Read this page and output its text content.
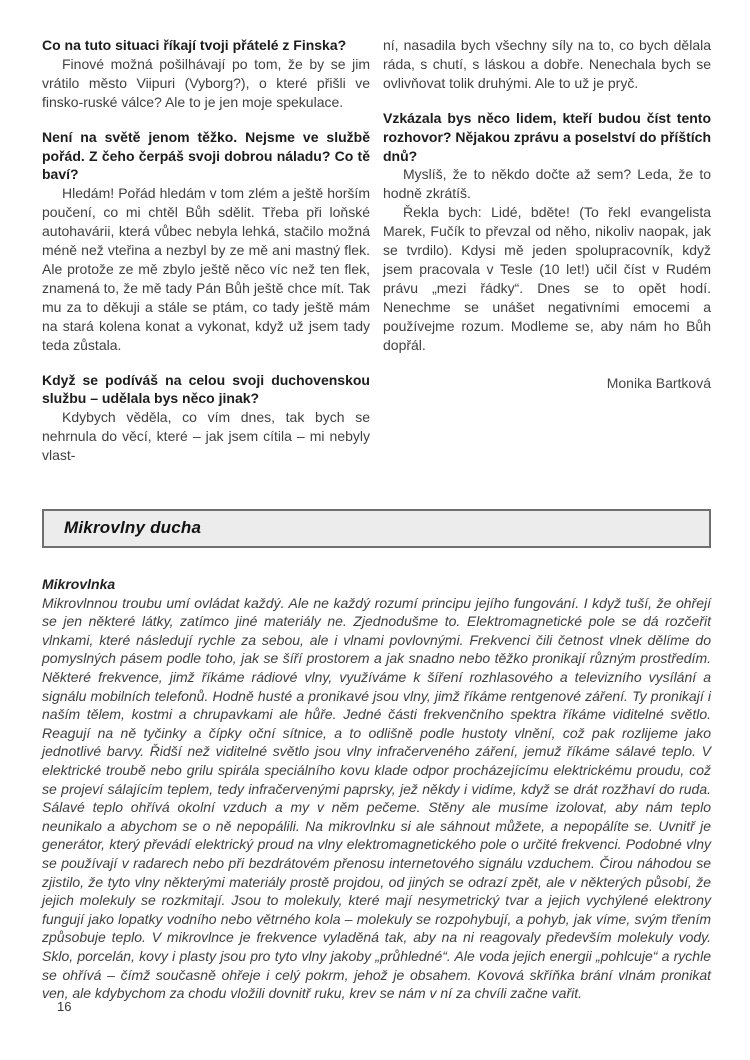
Co na tuto situaci říkají tvoji přátelé z Finska?

Finové možná pošilhávají po tom, že by se jim vrátilo město Viipuri (Vyborg?), o které přišli ve finsko-ruské válce? Ale to je jen moje spekulace.

Není na světě jenom těžko. Nejsme ve službě pořád. Z čeho čerpáš svoji dobrou náladu? Co tě baví?

Hledám! Pořád hledám v tom zlém a ještě horším poučení, co mi chtěl Bůh sdělit. Třeba při loňské autohavárii, která vůbec nebyla lehká, stačilo možná méně než vteřina a nezbyl by ze mě ani mastný flek. Ale protože ze mě zbylo ještě něco víc než ten flek, znamená to, že mě tady Pán Bůh ještě chce mít. Tak mu za to děkuji a stále se ptám, co tady ještě mám na stará kolena konat a vykonat, když už jsem tady teda zůstala.

Když se podíváš na celou svoji duchovenskou službu – udělala bys něco jinak?

Kdybych věděla, co vím dnes, tak bych se nehrnula do věcí, které – jak jsem cítila – mi nebyly vlast-

ní, nasadila bych všechny síly na to, co bych dělala ráda, s chutí, s láskou a dobře. Nenechala bych se ovlivňovat tolik druhými. Ale to už je pryč.

Vzkázala bys něco lidem, kteří budou číst tento rozhovor? Nějakou zprávu a poselství do příštích dnů?

Myslíš, že to někdo dočte až sem? Leda, že to hodně zkrátíš.

Řekla bych: Lidé, bděte! (To řekl evangelista Marek, Fučík to převzal od něho, nikoliv naopak, jak se tvrdilo). Kdysi mě jeden spolupracovník, když jsem pracovala v Tesle (10 let!) učil číst v Rudém právu „mezi řádky“. Dnes se to opět hodí. Nenechme se unášet negativními emocemi a používejme rozum. Modleme se, aby nám ho Bůh dopřál.

Monika Bartková

Mikrovlny ducha

Mikrovlnka

Mikrovlnnou troubu umí ovládat každý. Ale ne každý rozumí principu jejího fungování. I když tuší, že ohřejí se jen některé látky, zatímco jiné materiály ne. Zjednodušme to. Elektromagnetické pole se dá rozčeřit vlnkami, které následují rychle za sebou, ale i vlnami povlovnými. Frekvenci čili četnost vlnek dělíme do pomyslných pásem podle toho, jak se šíří prostorem a jak snadno nebo těžko pronikají různým prostředím. Některé frekvence, jimž říkáme rádiové vlny, využíváme k šíření rozhlasového a televizního vysílání a signálu mobilních telefonů. Hodně husté a pronikavé jsou vlny, jimž říkáme rentgenové záření. Ty pronikají i naším tělem, kostmi a chrupavkami ale hůře. Jedné části frekvenčního spektra říkáme viditelné světlo. Reagují na ně tyčinky a čípky oční sítnice, a to odlišně podle hustoty vlnění, což pak rozlijeme jako jednotlivé barvy. Řidší než viditelné světlo jsou vlny infračerveného záření, jemuž říkáme sálavé teplo. V elektrické troubě nebo grilu spirála speciálního kovu klade odpor procházejícímu elektrickému proudu, což se projeví sálajícím teplem, tedy infračervenými paprsky, jež někdy i vidíme, když se drát rozžhaví do ruda. Sálavé teplo ohřívá okolní vzduch a my v něm pečeme. Stěny ale musíme izolovat, aby nám teplo neunikalo a abychom se o ně nepopálili. Na mikrovlnku si ale sáhnout můžete, a nepopálíte se. Uvnitř je generátor, který převádí elektrický proud na vlny elektromagnetického pole o určité frekvenci. Podobné vlny se používají v radarech nebo při bezdrátovém přenosu internetového signálu vzduchem. Čirou náhodou se zjistilo, že tyto vlny některými materiály prostě projdou, od jiných se odrazí zpět, ale v některých působí, že jejich molekuly se rozkmitají. Jsou to molekuly, které mají nesymetrický tvar a jejich vychýlené elektrony fungují jako lopatky vodního nebo větrného kola – molekuly se rozpohybují, a pohyb, jak víme, svým třením způsobuje teplo. V mikrovlnce je frekvence vyladěná tak, aby na ni reagovaly především molekuly vody. Sklo, porcelán, kovy i plasty jsou pro tyto vlny jakoby „průhledné“. Ale voda jejich energii „pohlcuje“ a rychle se ohřívá – čímž současně ohřeje i celý pokrm, jehož je obsahem. Kovová skříňka brání vlnám pronikat ven, ale kdybychom za chodu vložili dovnitř ruku, krev se nám v ní za chvíli začne vařit.

16
